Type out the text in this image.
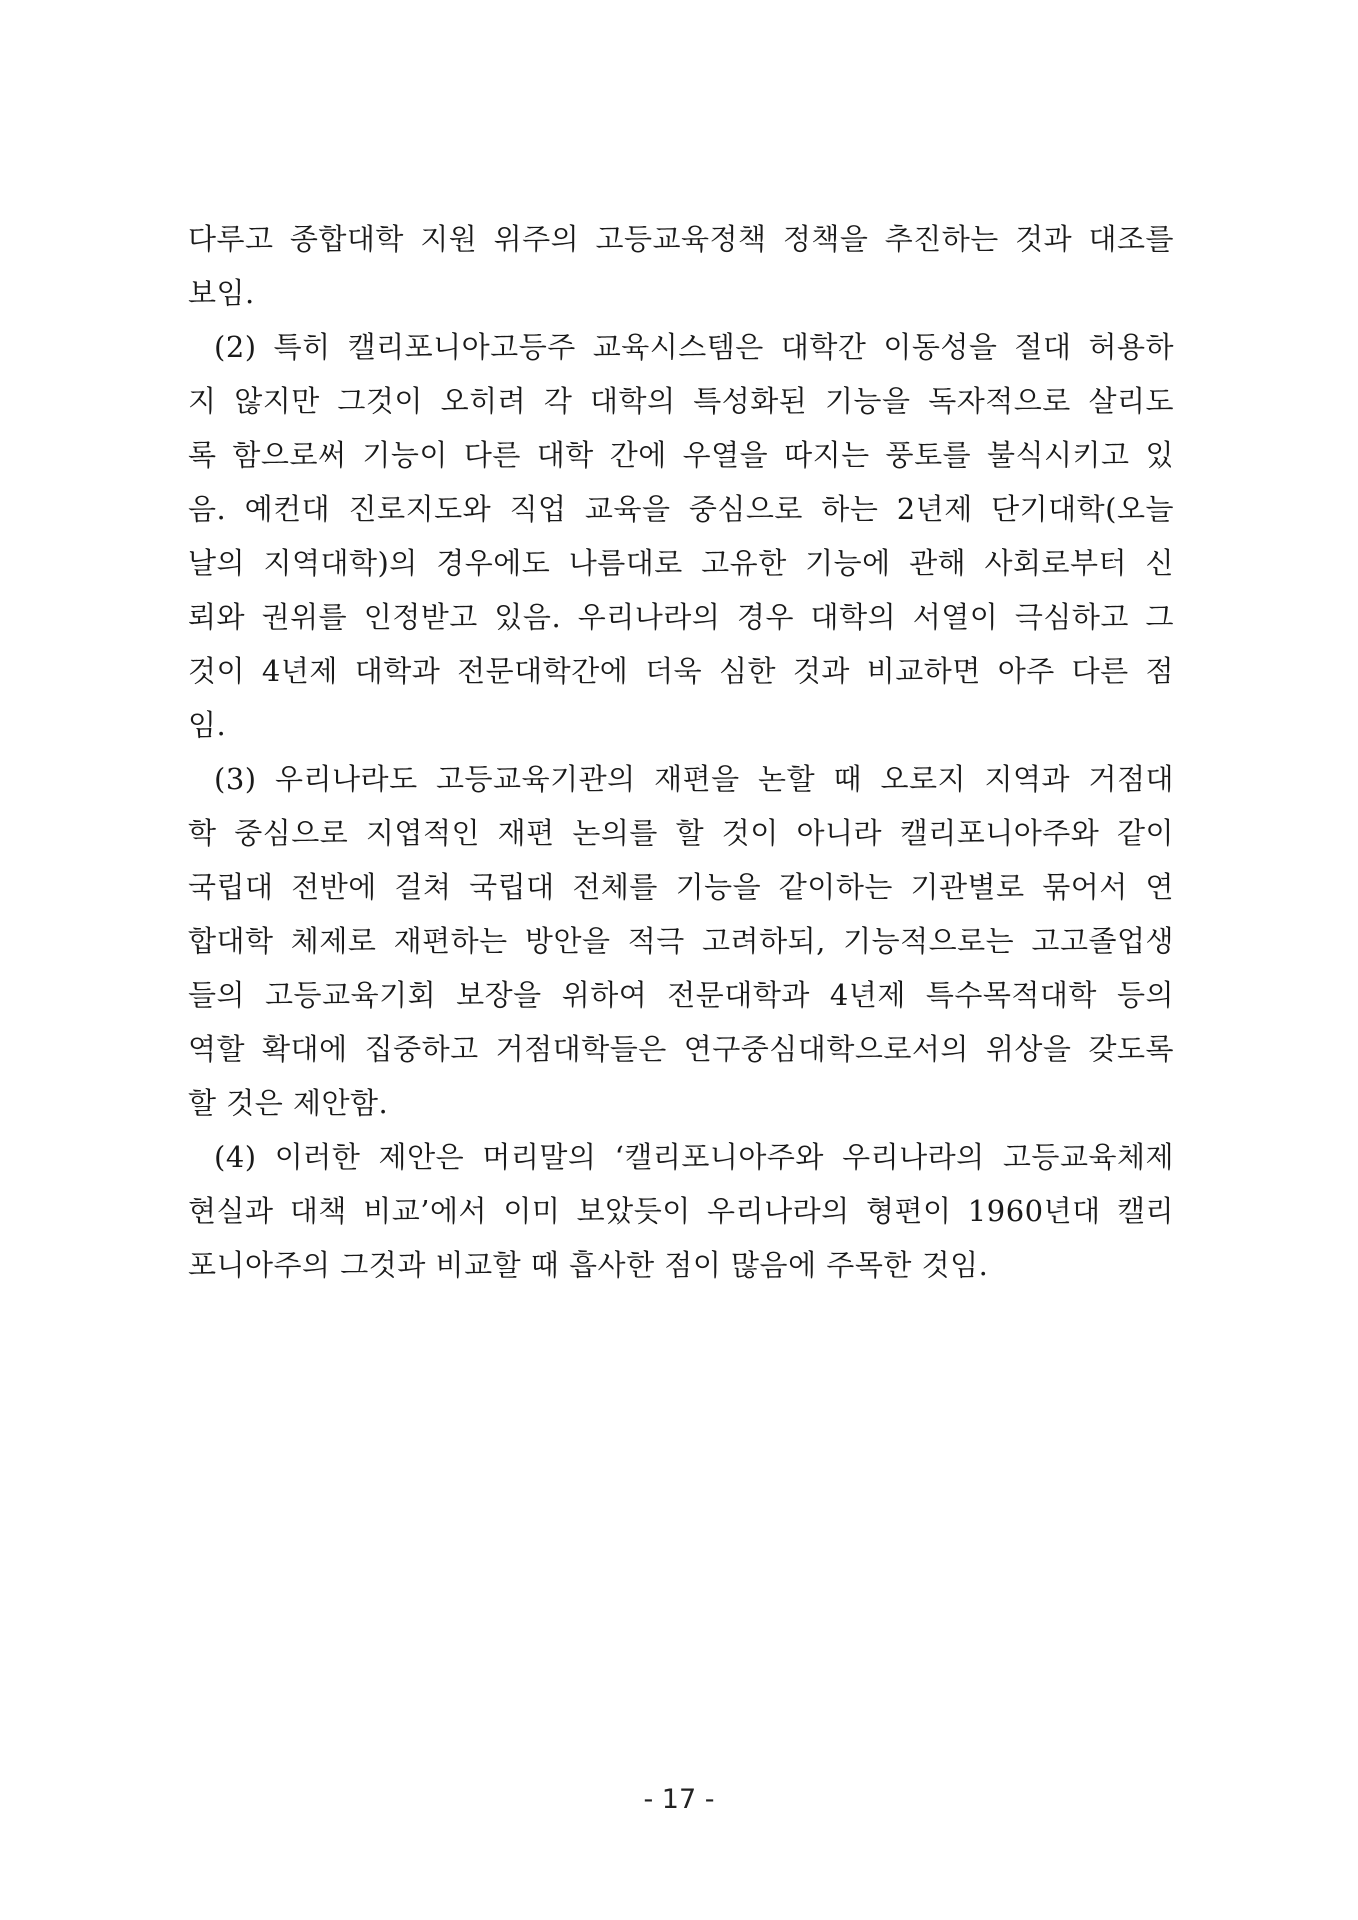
다루고 종합대학 지원 위주의 고등교육정책 정책을 추진하는 것과 대조를
보임.
(2) 특히 캘리포니아고등주 교육시스템은 대학간 이동성을 절대 허용하
지 않지만 그것이 오히려 각 대학의 특성화된 기능을 독자적으로 살리도
록 함으로써 기능이 다른 대학 간에 우열을 따지는 풍토를 불식시키고 있
음. 예컨대 진로지도와 직업 교육을 중심으로 하는 2년제 단기대학(오늘
날의 지역대학)의 경우에도 나름대로 고유한 기능에 관해 사회로부터 신
뢰와 권위를 인정받고 있음. 우리나라의 경우 대학의 서열이 극심하고 그
것이 4년제 대학과 전문대학간에 더욱 심한 것과 비교하면 아주 다른 점
임.
(3) 우리나라도 고등교육기관의 재편을 논할 때 오로지 지역과 거점대
학 중심으로 지엽적인 재편 논의를 할 것이 아니라 캘리포니아주와 같이
국립대 전반에 걸쳐 국립대 전체를 기능을 같이하는 기관별로 묶어서 연
합대학 체제로 재편하는 방안을 적극 고려하되, 기능적으로는 고고졸업생
들의 고등교육기회 보장을 위하여 전문대학과 4년제 특수목적대학 등의
역할 확대에 집중하고 거점대학들은 연구중심대학으로서의 위상을 갖도록
할 것은 제안함.
(4) 이러한 제안은 머리말의 ‘캘리포니아주와 우리나라의 고등교육체제
현실과 대책 비교’에서 이미 보았듯이 우리나라의 형편이 1960년대 캘리
포니아주의 그것과 비교할 때 흡사한 점이 많음에 주목한 것임.
- 17 -
